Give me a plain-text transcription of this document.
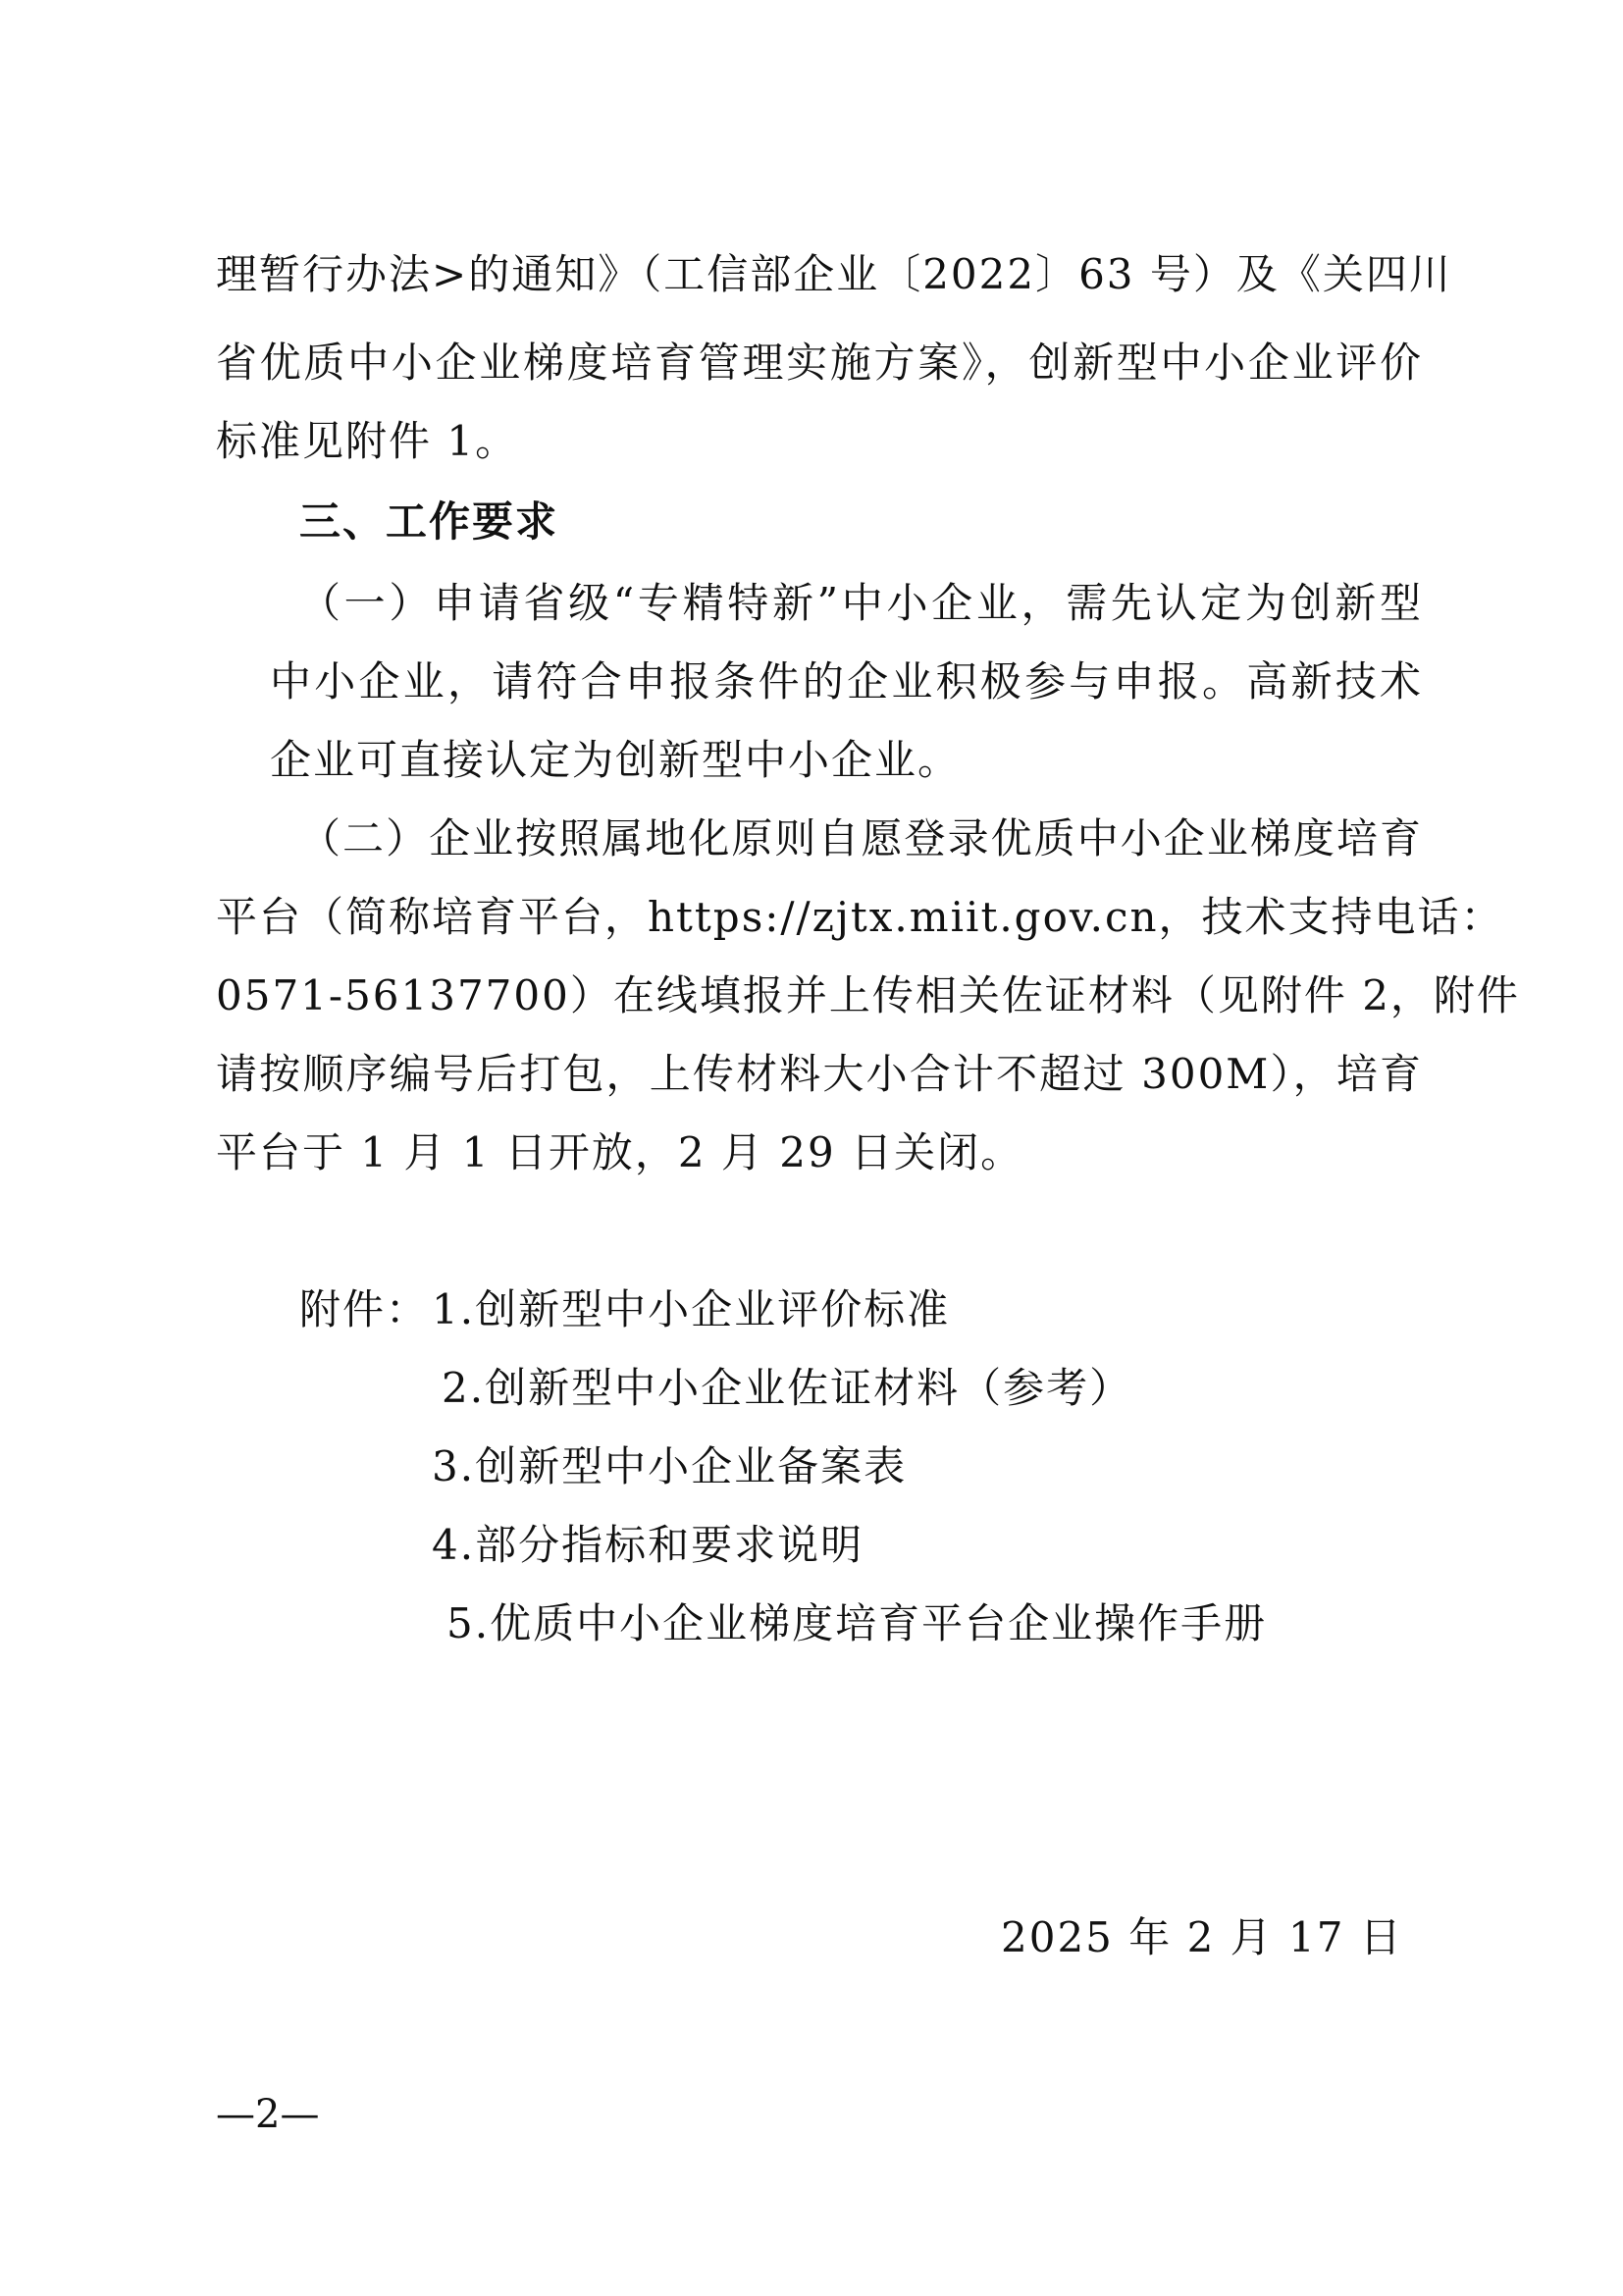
理暂行办法>的通知》（工信部企业〔2022〕63 号）及《关四川
省优质中小企业梯度培育管理实施方案》，创新型中小企业评价
标准见附件 1。
三、工作要求
（一）申请省级“专精特新”中小企业，需先认定为创新型
中小企业，请符合申报条件的企业积极参与申报。高新技术
企业可直接认定为创新型中小企业。
（二）企业按照属地化原则自愿登录优质中小企业梯度培育
平台（简称培育平台，https://zjtx.miit.gov.cn，技术支持电话：
0571-56137700）在线填报并上传相关佐证材料（见附件 2，附件
请按顺序编号后打包，上传材料大小合计不超过 300M），培育
平台于 1 月 1 日开放，2 月 29 日关闭。
附件： 1.创新型中小企业评价标准
2.创新型中小企业佐证材料（参考）
3.创新型中小企业备案表
4.部分指标和要求说明
5.优质中小企业梯度培育平台企业操作手册
2025 年 2 月 17 日
—2—
